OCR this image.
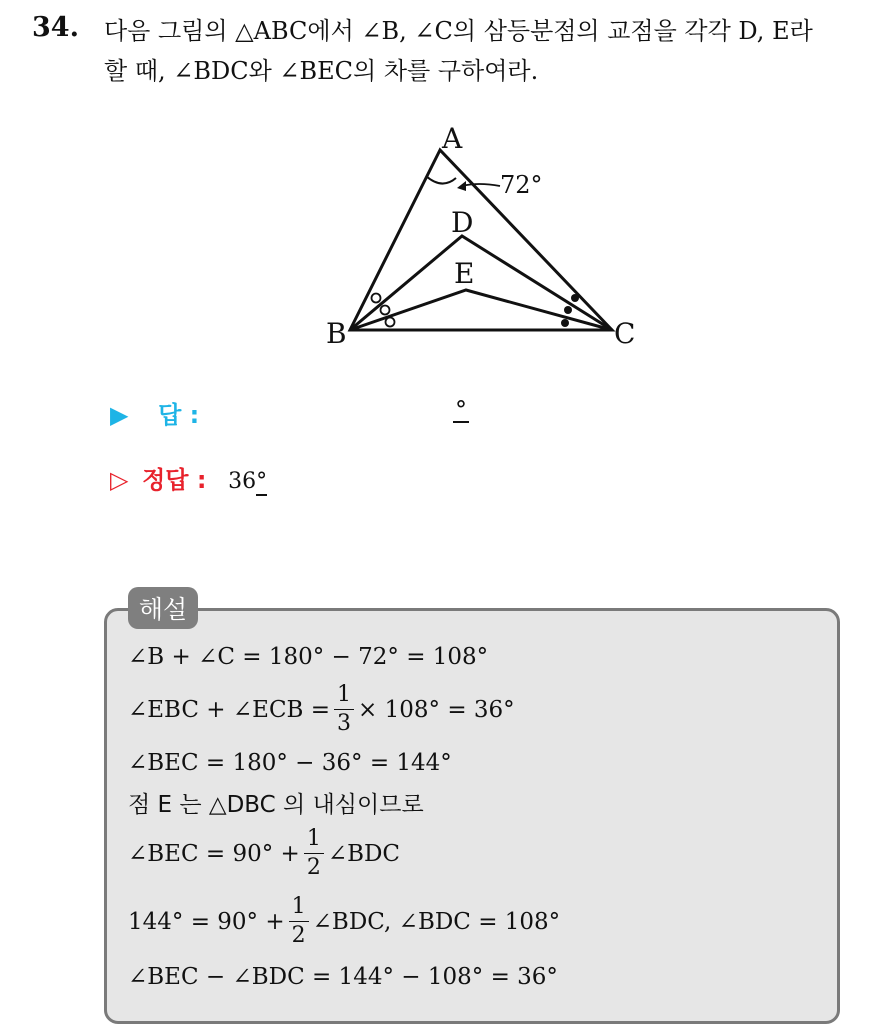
34. 다음 그림의 △ABC에서 ∠B, ∠C의 삼등분점의 교점을 각각 D, E라
할 때, ∠BDC와 ∠BEC의 차를 구하여라.
A
B	C
D
E
72°
▶ 답 :	°
▷ 정답 : 36°
해설
∠B + ∠C = 180° − 72° = 108°
∠EBC + ∠ECB = $\frac{1}{3} \times 108^\circ = 36^\circ$
∠BEC = 180° − 36° = 144°
점 E 는 △DBC 의 내심이므로
∠BEC = $90^\circ + \frac{1}{2}$ ∠BDC
$144^\circ = 90^\circ + \frac{1}{2}$ ∠BDC, ∠BDC = 108°
∠BEC − ∠BDC = 144° − 108° = 36°
